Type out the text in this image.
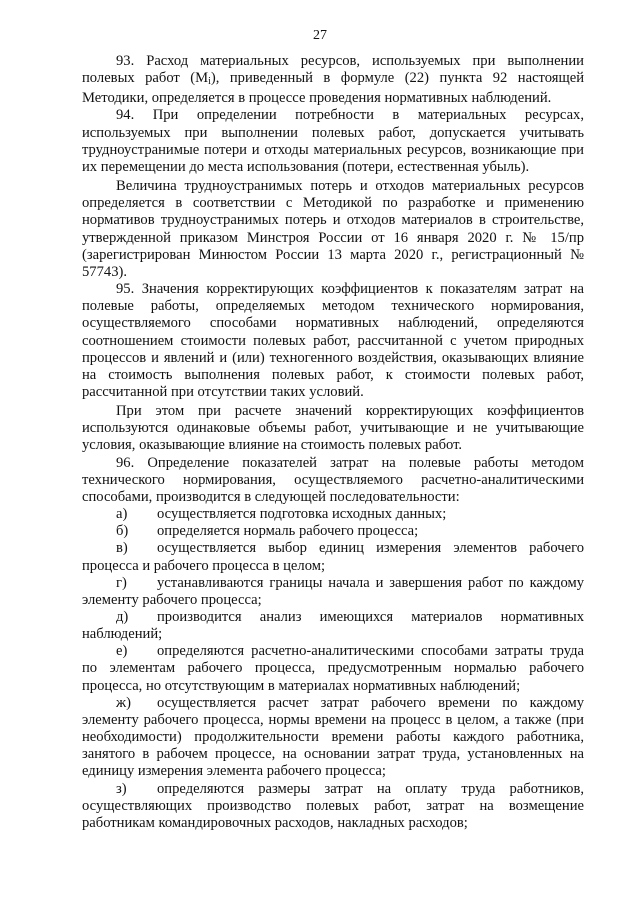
27

93. Расход материальных ресурсов, используемых при выполнении полевых работ $(М_i)$, приведенный в формуле (22) пункта 92 настоящей Методики, определяется в процессе проведения нормативных наблюдений.

94. При определении потребности в материальных ресурсах, используемых при выполнении полевых работ, допускается учитывать трудноустранимые потери и отходы материальных ресурсов, возникающие при их перемещении до места использования (потери, естественная убыль).

Величина трудноустранимых потерь и отходов материальных ресурсов определяется в соответствии с Методикой по разработке и применению нормативов трудноустранимых потерь и отходов материалов в строительстве, утвержденной приказом Минстроя России от 16 января 2020 г. № 15/пр (зарегистрирован Минюстом России 13 марта 2020 г., регистрационный № 57743).

95. Значения корректирующих коэффициентов к показателям затрат на полевые работы, определяемых методом технического нормирования, осуществляемого способами нормативных наблюдений, определяются соотношением стоимости полевых работ, рассчитанной с учетом природных процессов и явлений и (или) техногенного воздействия, оказывающих влияние на стоимость выполнения полевых работ, к стоимости полевых работ, рассчитанной при отсутствии таких условий.

При этом при расчете значений корректирующих коэффициентов используются одинаковые объемы работ, учитывающие и не учитывающие условия, оказывающие влияние на стоимость полевых работ.

96. Определение показателей затрат на полевые работы методом технического нормирования, осуществляемого расчетно-аналитическими способами, производится в следующей последовательности:

а) осуществляется подготовка исходных данных;

б) определяется нормаль рабочего процесса;

в) осуществляется выбор единиц измерения элементов рабочего процесса и рабочего процесса в целом;

г) устанавливаются границы начала и завершения работ по каждому элементу рабочего процесса;

д) производится анализ имеющихся материалов нормативных наблюдений;

е) определяются расчетно-аналитическими способами затраты труда по элементам рабочего процесса, предусмотренным нормалью рабочего процесса, но отсутствующим в материалах нормативных наблюдений;

ж) осуществляется расчет затрат рабочего времени по каждому элементу рабочего процесса, нормы времени на процесс в целом, а также (при необходимости) продолжительности времени работы каждого работника, занятого в рабочем процессе, на основании затрат труда, установленных на единицу измерения элемента рабочего процесса;

з) определяются размеры затрат на оплату труда работников, осуществляющих производство полевых работ, затрат на возмещение работникам командировочных расходов, накладных расходов;
